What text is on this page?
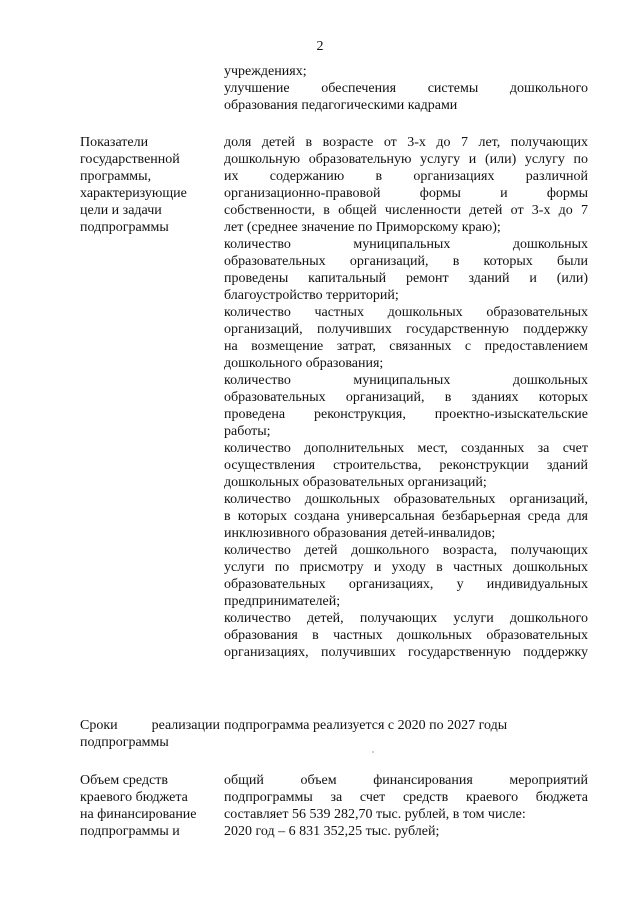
2
учреждениях;
улучшение обеспечения системы дошкольного
образования педагогическими кадрами
Показатели
государственной
программы,
характеризующие
цели и задачи
подпрограммы
доля детей в возрасте от 3-х до 7 лет, получающих
дошкольную образовательную услугу и (или) услугу по
их содержанию в организациях различной
организационно-правовой формы и формы
собственности, в общей численности детей от 3-х до 7
лет (среднее значение по Приморскому краю);
количество муниципальных дошкольных
образовательных организаций, в которых были
проведены капитальный ремонт зданий и (или)
благоустройство территорий;
количество частных дошкольных образовательных
организаций, получивших государственную поддержку
на возмещение затрат, связанных с предоставлением
дошкольного образования;
количество муниципальных дошкольных
образовательных организаций, в зданиях которых
проведена реконструкция, проектно-изыскательские
работы;
количество дополнительных мест, созданных за счет
осуществления строительства, реконструкции зданий
дошкольных образовательных организаций;
количество дошкольных образовательных организаций,
в которых создана универсальная безбарьерная среда для
инклюзивного образования детей-инвалидов;
количество детей дошкольного возраста, получающих
услуги по присмотру и уходу в частных дошкольных
образовательных организациях, у индивидуальных
предпринимателей;
количество детей, получающих услуги дошкольного
образования в частных дошкольных образовательных
организациях, получивших государственную поддержку
Сроки реализации
подпрограммы
подпрограмма реализуется с 2020 по 2027 годы
Объем средств
краевого бюджета
на финансирование
подпрограммы и
общий объем финансирования мероприятий
подпрограммы за счет средств краевого бюджета
составляет 56 539 282,70 тыс. рублей, в том числе:
2020 год – 6 831 352,25 тыс. рублей;
